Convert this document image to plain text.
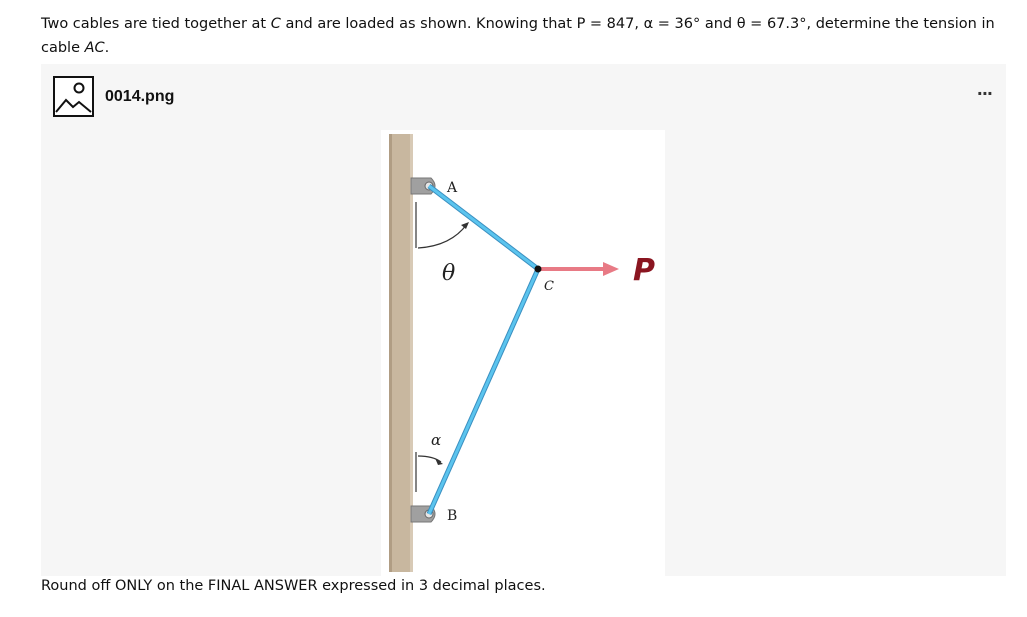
Two cables are tied together at C and are loaded as shown. Knowing that P = 847, α = 36° and θ = 67.3°, determine the tension in cable AC.
0014.png	···
A
B
C	P
θ
α
Round off ONLY on the FINAL ANSWER expressed in 3 decimal places.
